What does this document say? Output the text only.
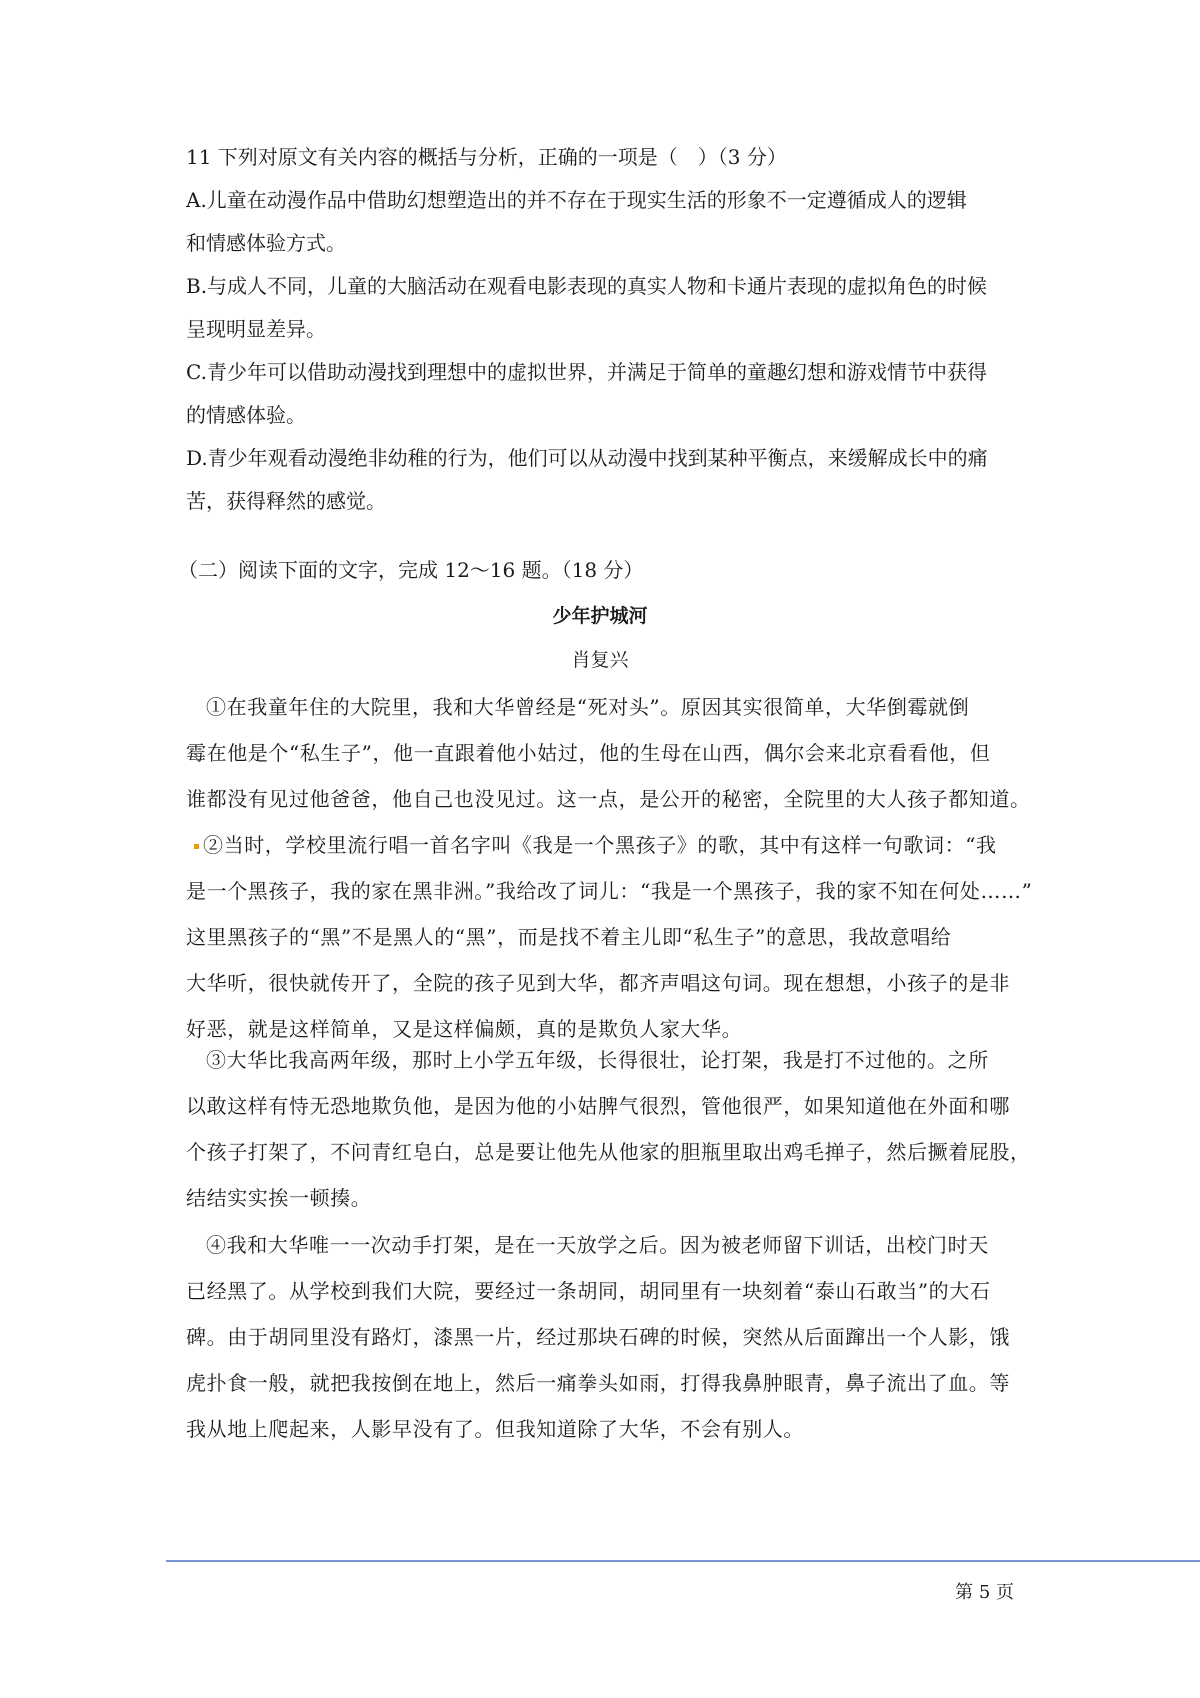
11 下列对原文有关内容的概括与分析，正确的一项是（　）（3 分）
A.儿童在动漫作品中借助幻想塑造出的并不存在于现实生活的形象不一定遵循成人的逻辑
和情感体验方式。
B.与成人不同，儿童的大脑活动在观看电影表现的真实人物和卡通片表现的虚拟角色的时候
呈现明显差异。
C.青少年可以借助动漫找到理想中的虚拟世界，并满足于简单的童趣幻想和游戏情节中获得
的情感体验。
D.青少年观看动漫绝非幼稚的行为，他们可以从动漫中找到某种平衡点，来缓解成长中的痛
苦，获得释然的感觉。
（二）阅读下面的文字，完成 12～16 题。（18 分）
少年护城河
肖复兴
①在我童年住的大院里，我和大华曾经是“死对头”。原因其实很简单，大华倒霉就倒
霉在他是个“私生子”，他一直跟着他小姑过，他的生母在山西，偶尔会来北京看看他，但
谁都没有见过他爸爸，他自己也没见过。这一点，是公开的秘密，全院里的大人孩子都知道。
②当时，学校里流行唱一首名字叫《我是一个黑孩子》的歌，其中有这样一句歌词：“我
是一个黑孩子，我的家在黑非洲。”我给改了词儿：“我是一个黑孩子，我的家不知在何处……”
这里黑孩子的“黑”不是黑人的“黑”，而是找不着主儿即“私生子”的意思，我故意唱给
大华听，很快就传开了，全院的孩子见到大华，都齐声唱这句词。现在想想，小孩子的是非
好恶，就是这样简单，又是这样偏颇，真的是欺负人家大华。
③大华比我高两年级，那时上小学五年级，长得很壮，论打架，我是打不过他的。之所
以敢这样有恃无恐地欺负他，是因为他的小姑脾气很烈，管他很严，如果知道他在外面和哪
个孩子打架了，不问青红皂白，总是要让他先从他家的胆瓶里取出鸡毛掸子，然后撅着屁股，
结结实实挨一顿揍。
④我和大华唯一一次动手打架，是在一天放学之后。因为被老师留下训话，出校门时天
已经黑了。从学校到我们大院，要经过一条胡同，胡同里有一块刻着“泰山石敢当”的大石
碑。由于胡同里没有路灯，漆黑一片，经过那块石碑的时候，突然从后面蹿出一个人影，饿
虎扑食一般，就把我按倒在地上，然后一痛拳头如雨，打得我鼻肿眼青，鼻子流出了血。等
我从地上爬起来，人影早没有了。但我知道除了大华，不会有别人。
第 5 页
